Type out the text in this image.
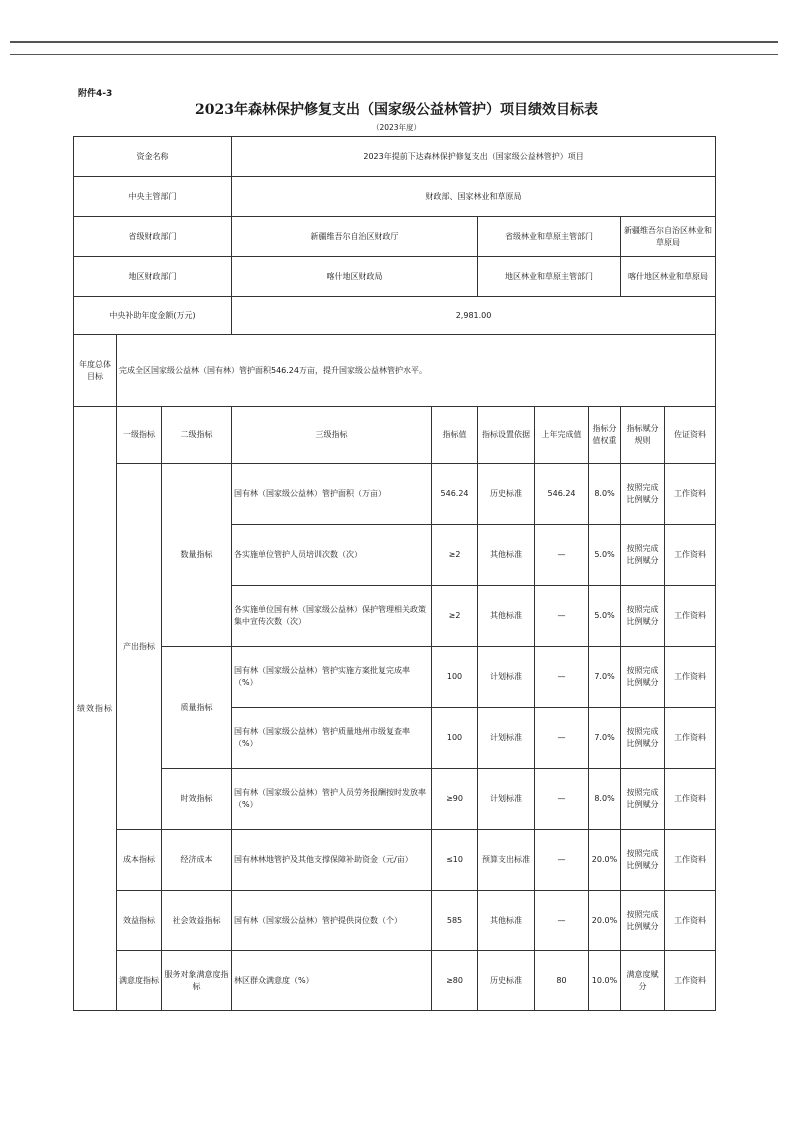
附件4-3
2023年森林保护修复支出（国家级公益林管护）项目绩效目标表
（2023年度）
资金名称			2023年提前下达森林保护修复支出（国家级公益林管护）项目						
中央主管部门			财政部、国家林业和草原局						
省级财政部门			新疆维吾尔自治区财政厅		省级林业和草原主管部门			新疆维吾尔自治区林业和草原局	
地区财政部门			喀什地区财政局		地区林业和草原主管部门			喀什地区林业和草原局	
中央补助年度金额(万元)			2,981.00						
年度总体目标	完成全区国家级公益林（国有林）管护面积546.24万亩，提升国家级公益林管护水平。								
绩效指标	一级指标	二级指标	三级指标	指标值	指标设置依据	上年完成值	指标分值权重	指标赋分规则	佐证资料
	产出指标	数量指标	国有林（国家级公益林）管护面积（万亩）	546.24	历史标准	546.24	8.0%	按照完成比例赋分	工作资料
			各实施单位管护人员培训次数（次）	≥2	其他标准	—	5.0%	按照完成比例赋分	工作资料
			各实施单位国有林（国家级公益林）保护管理相关政策集中宣传次数（次）	≥2	其他标准	—	5.0%	按照完成比例赋分	工作资料
		质量指标	国有林（国家级公益林）管护实施方案批复完成率（%）	100	计划标准	—	7.0%	按照完成比例赋分	工作资料
			国有林（国家级公益林）管护质量地州市级复查率（%）	100	计划标准	—	7.0%	按照完成比例赋分	工作资料
		时效指标	国有林（国家级公益林）管护人员劳务报酬按时发放率（%）	≥90	计划标准	—	8.0%	按照完成比例赋分	工作资料
	成本指标	经济成本	国有林林地管护及其他支撑保障补助资金（元/亩）	≤10	预算支出标准	—	20.0%	按照完成比例赋分	工作资料
	效益指标	社会效益指标	国有林（国家级公益林）管护提供岗位数（个）	585	其他标准	—	20.0%	按照完成比例赋分	工作资料
	满意度指标	服务对象满意度指标	林区群众满意度（%）	≥80	历史标准	80	10.0%	满意度赋分	工作资料
